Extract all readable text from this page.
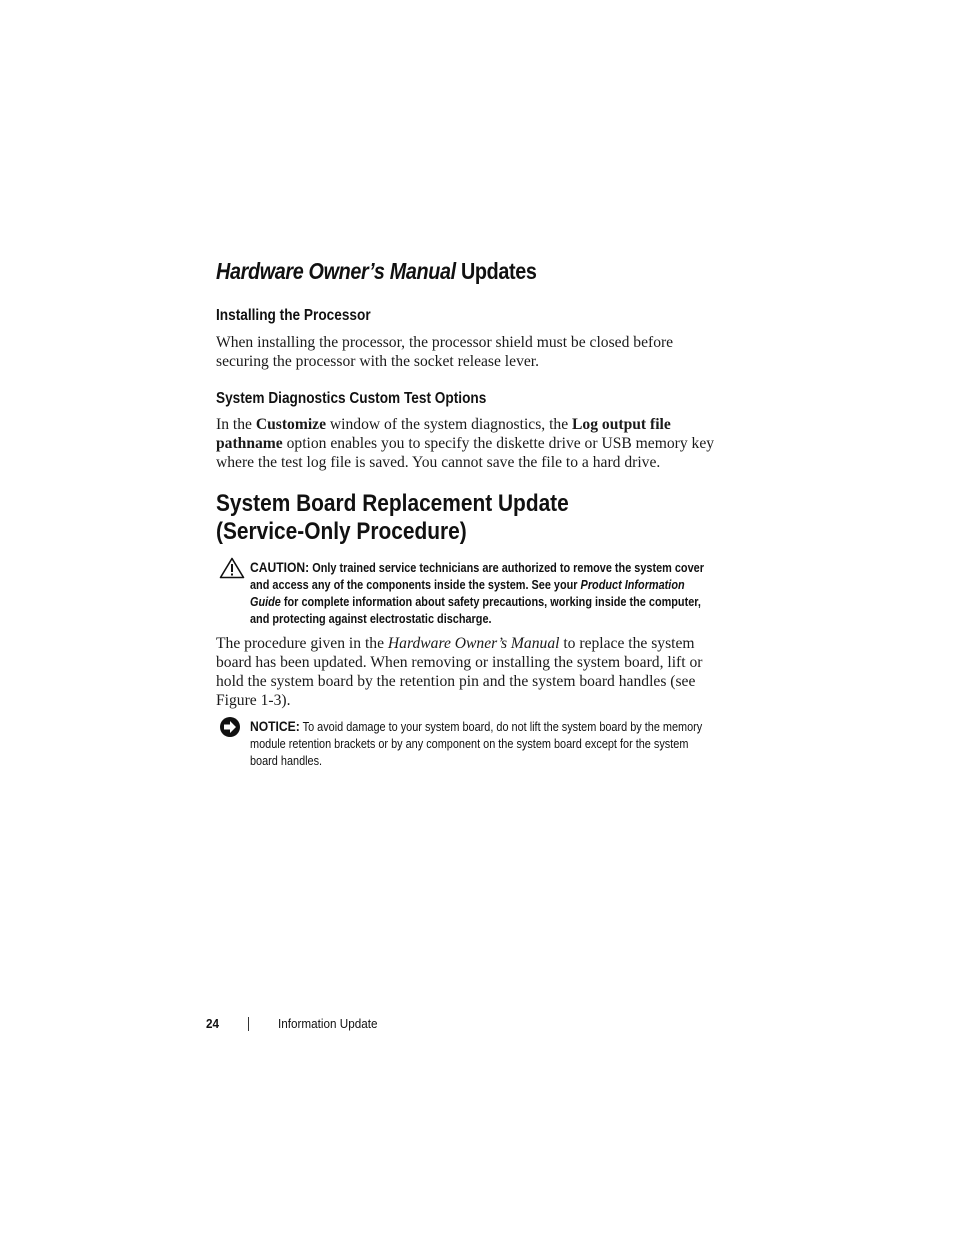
Hardware Owner’s Manual Updates
Installing the Processor
When installing the processor, the processor shield must be closed before securing the processor with the socket release lever.
System Diagnostics Custom Test Options
In the Customize window of the system diagnostics, the Log output file pathname option enables you to specify the diskette drive or USB memory key where the test log file is saved. You cannot save the file to a hard drive.
System Board Replacement Update
(Service-Only Procedure)
CAUTION: Only trained service technicians are authorized to remove the system cover and access any of the components inside the system. See your Product Information Guide for complete information about safety precautions, working inside the computer, and protecting against electrostatic discharge.
The procedure given in the Hardware Owner’s Manual to replace the system board has been updated. When removing or installing the system board, lift or hold the system board by the retention pin and the system board handles (see Figure 1-3).
NOTICE: To avoid damage to your system board, do not lift the system board by the memory module retention brackets or by any component on the system board except for the system board handles.
24	Information Update
